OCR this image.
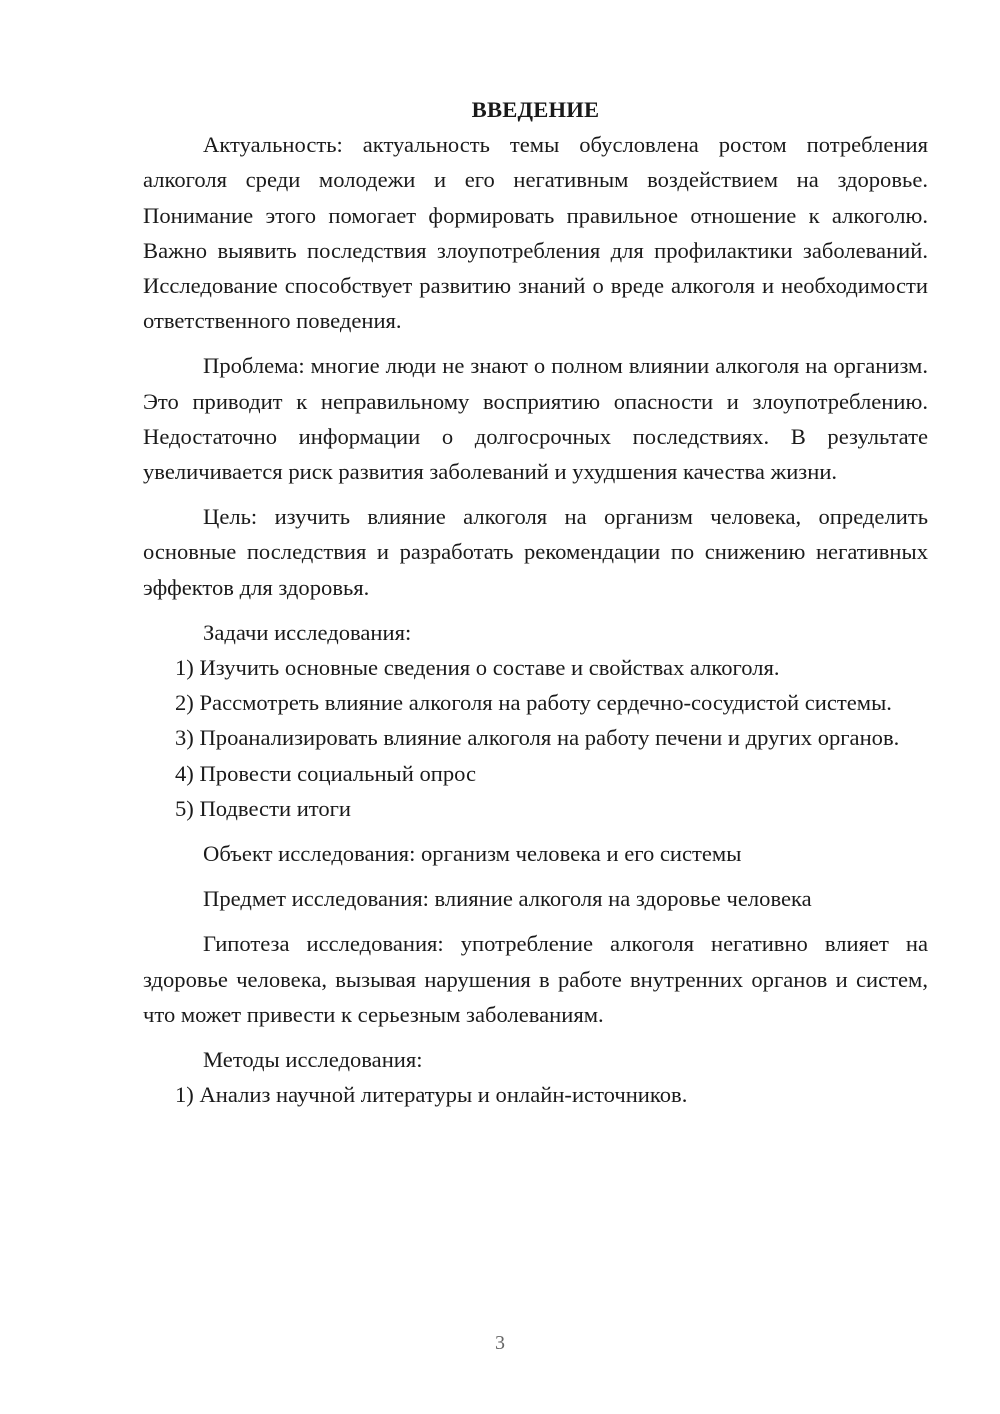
ВВЕДЕНИЕ

Актуальность: актуальность темы обусловлена ростом потребления алкоголя среди молодежи и его негативным воздействием на здоровье. Понимание этого помогает формировать правильное отношение к алкоголю. Важно выявить последствия злоупотребления для профилактики заболеваний. Исследование способствует развитию знаний о вреде алкоголя и необходимости ответственного поведения.

Проблема: многие люди не знают о полном влиянии алкоголя на организм. Это приводит к неправильному восприятию опасности и злоупотреблению. Недостаточно информации о долгосрочных последствиях. В результате увеличивается риск развития заболеваний и ухудшения качества жизни.

Цель: изучить влияние алкоголя на организм человека, определить основные последствия и разработать рекомендации по снижению негативных эффектов для здоровья.

Задачи исследования:

1) Изучить основные сведения о составе и свойствах алкоголя.

2) Рассмотреть влияние алкоголя на работу сердечно-сосудистой системы.

3) Проанализировать влияние алкоголя на работу печени и других органов.

4) Провести социальный опрос

5) Подвести итоги

Объект исследования: организм человека и его системы

Предмет исследования: влияние алкоголя на здоровье человека

Гипотеза исследования: употребление алкоголя негативно влияет на здоровье человека, вызывая нарушения в работе внутренних органов и систем, что может привести к серьезным заболеваниям.

Методы исследования:

1) Анализ научной литературы и онлайн-источников.

3
